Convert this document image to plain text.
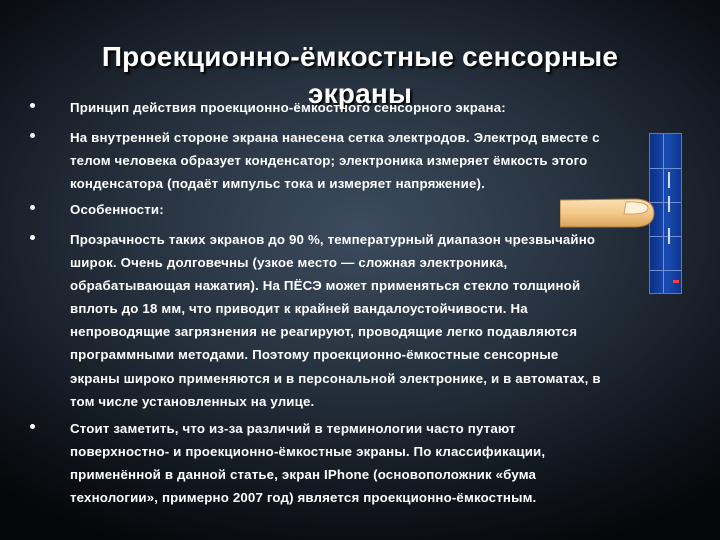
экраны
Принцип действия проекционно-ёмкостного сенсорного экрана:
На внутренней стороне экрана нанесена сетка электродов. Электрод вместе с
телом человека образует конденсатор; электроника измеряет ёмкость этого
конденсатора (подаёт импульс тока и измеряет напряжение).
Особенности:
Прозрачность таких экранов до 90 %, температурный диапазон чрезвычайно
широк. Очень долговечны (узкое место — сложная электроника,
обрабатывающая нажатия). На ПЁСЭ может применяться стекло толщиной
вплоть до 18 мм, что приводит к крайней вандалоустойчивости. На
непроводящие загрязнения не реагируют, проводящие легко подавляются
программными методами. Поэтому проекционно-ёмкостные сенсорные
экраны широко применяются и в персональной электронике, и в автоматах, в
том числе установленных на улице.
Стоит заметить, что из-за различий в терминологии часто путают
поверхностно- и проекционно-ёмкостные экраны. По классификации,
применённой в данной статье, экран IPhone (основоположник «бума
технологии», примерно 2007 год) является проекционно-ёмкостным.
Проекционно-ёмкостные сенсорные
